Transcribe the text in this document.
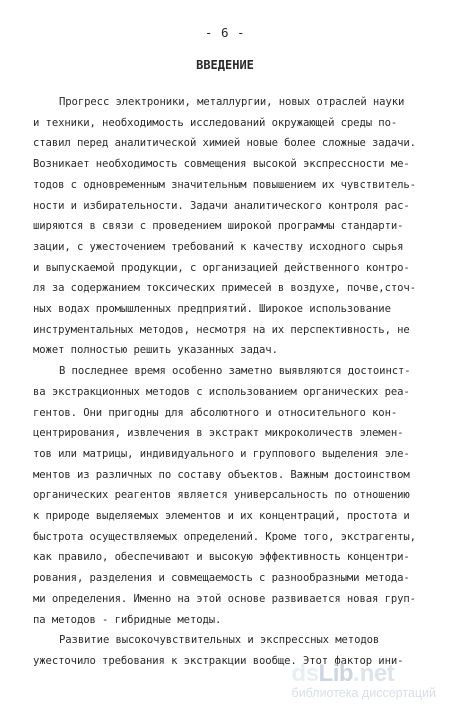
- 6 -
ВВЕДЕНИЕ
Прогресс электроники, металлургии, новых отраслей науки
и техники, необходимость исследований окружающей среды по-
ставил перед аналитической химией новые более сложные задачи.
Возникает необходимость совмещения высокой экспрессности ме-
тодов с одновременным значительным повышением их чувствитель-
ности и избирательности. Задачи аналитического контроля рас-
ширяются в связи с проведением широкой программы стандарти-
зации, с ужесточением требований к качеству исходного сырья
и выпускаемой продукции, с организацией действенного контро-
ля за содержанием токсических примесей в воздухе, почве,сточ-
ных водах промышленных предприятий. Широкое использование
инструментальных методов, несмотря на их перспективность, не
может полностью решить указанных задач.
В последнее время особенно заметно выявляются достоинст-
ва экстракционных методов с использованием органических реа-
гентов. Они пригодны для абсолютного и относительного кон-
центрирования, извлечения в экстракт микроколичеств элемен-
тов или матрицы, индивидуального и группового выделения эле-
ментов из различных по составу объектов. Важным достоинством
органических реагентов является универсальность по отношению
к природе выделяемых элементов и их концентраций, простота и
быстрота осуществляемых определений. Кроме того, экстрагенты,
как правило, обеспечивают и высокую эффективность концентри-
рования, разделения и совмещаемость с разнообразными метода-
ми определения. Именно на этой основе развивается новая груп-
па методов - гибридные методы.
Развитие высокочувствительных и экспрессных методов
ужесточило требования к экстракции вообще. Этот фактор ини-
ds Lib . net
библиотека диссертаций
